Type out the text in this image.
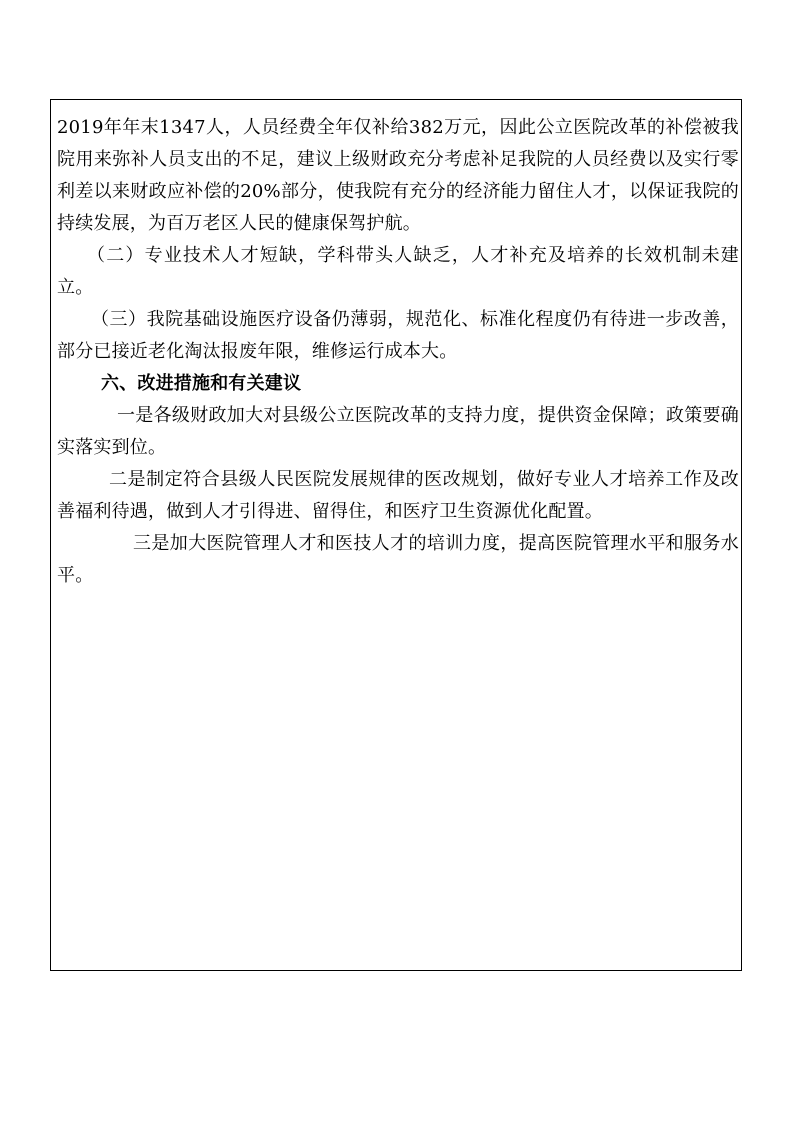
2019年年末1347人，人员经费全年仅补给382万元，因此公立医院改革的补偿被我院用来弥补人员支出的不足，建议上级财政充分考虑补足我院的人员经费以及实行零利差以来财政应补偿的20%部分，使我院有充分的经济能力留住人才，以保证我院的持续发展，为百万老区人民的健康保驾护航。

（二）专业技术人才短缺，学科带头人缺乏，人才补充及培养的长效机制未建立。

（三）我院基础设施医疗设备仍薄弱，规范化、标准化程度仍有待进一步改善，部分已接近老化淘汰报废年限，维修运行成本大。

六、改进措施和有关建议

一是各级财政加大对县级公立医院改革的支持力度，提供资金保障；政策要确实落实到位。

二是制定符合县级人民医院发展规律的医改规划，做好专业人才培养工作及改善福利待遇，做到人才引得进、留得住，和医疗卫生资源优化配置。

三是加大医院管理人才和医技人才的培训力度，提高医院管理水平和服务水平。
